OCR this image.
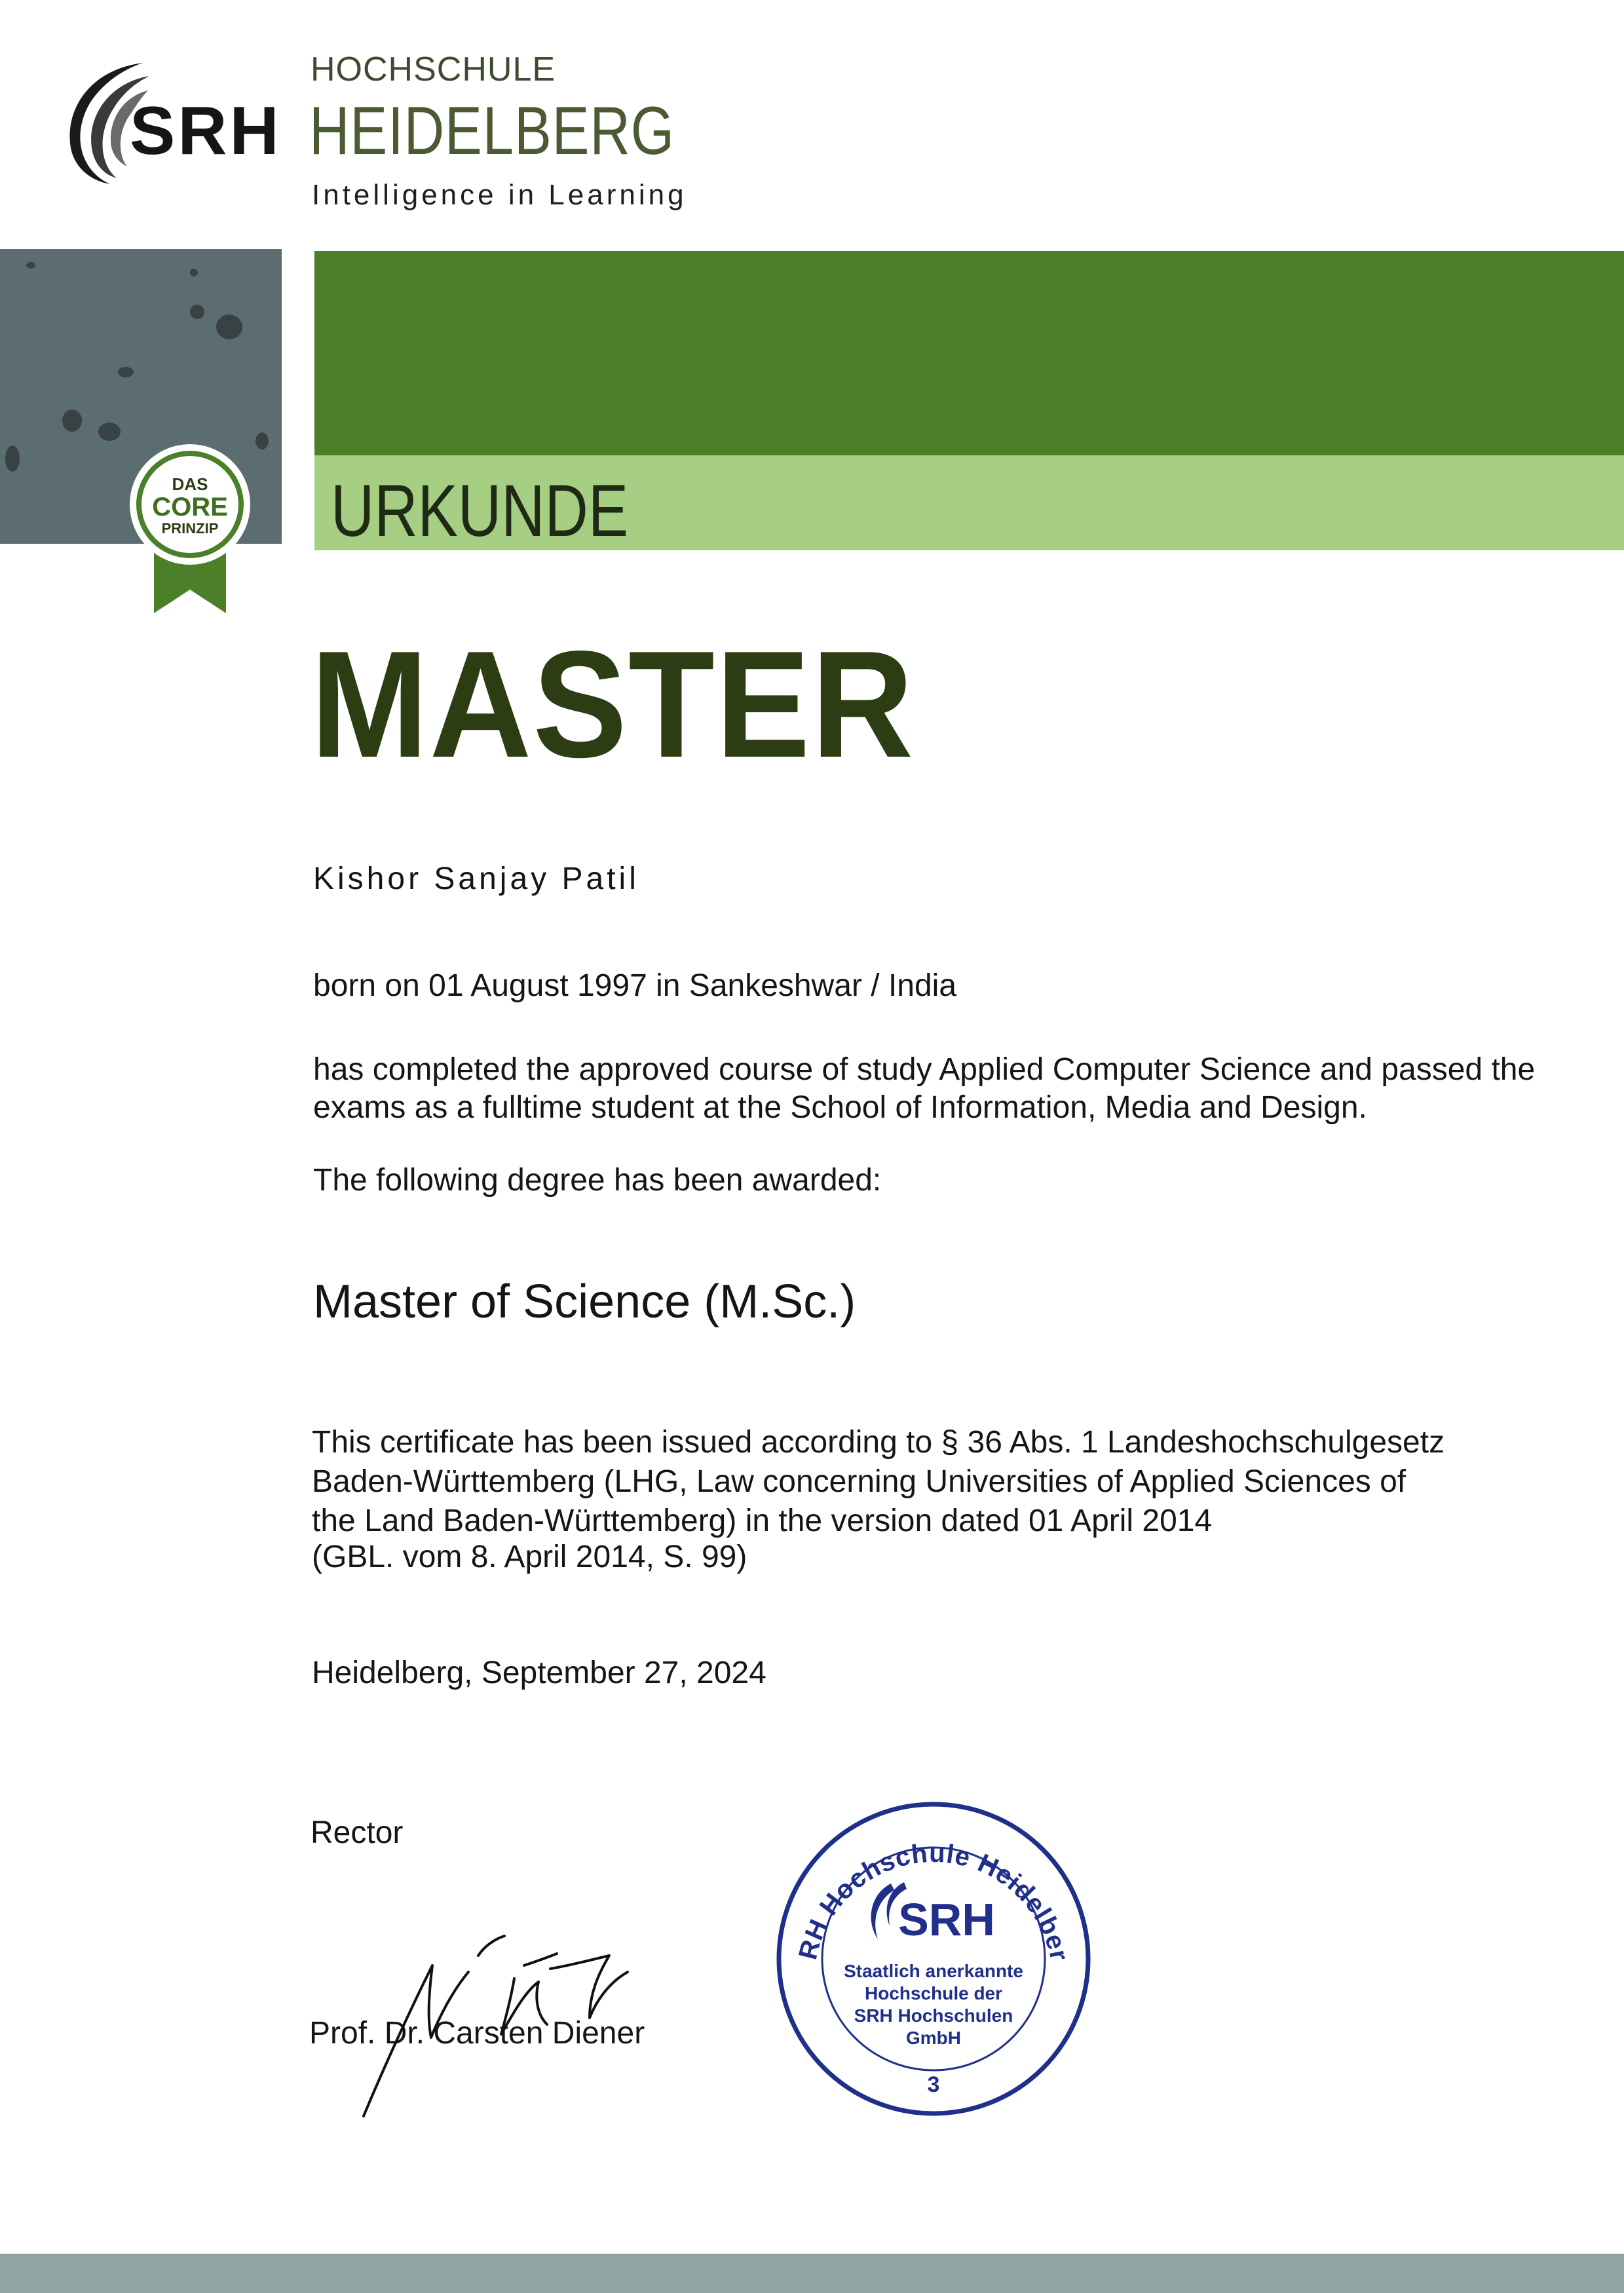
SRH
HOCHSCHULE
HEIDELBERG
Intelligence in Learning
URKUNDE
DAS
CORE
PRINZIP
MASTER
Kishor Sanjay Patil
born on 01 August 1997 in Sankeshwar / India
has completed the approved course of study Applied Computer Science and passed the
exams as a fulltime student at the School of Information, Media and Design.
The following degree has been awarded:
Master of Science (M.Sc.)
This certificate has been issued according to § 36 Abs. 1 Landeshochschulgesetz
Baden-Württemberg (LHG, Law concerning Universities of Applied Sciences of
the Land Baden-Württemberg) in the version dated 01 April 2014
(GBL. vom 8. April 2014, S. 99)
Heidelberg, September 27, 2024
Rector
Prof. Dr. Carsten Diener
RH Hochschule Heidelber
SRH
Staatlich anerkannte
Hochschule der
SRH Hochschulen
GmbH
3
